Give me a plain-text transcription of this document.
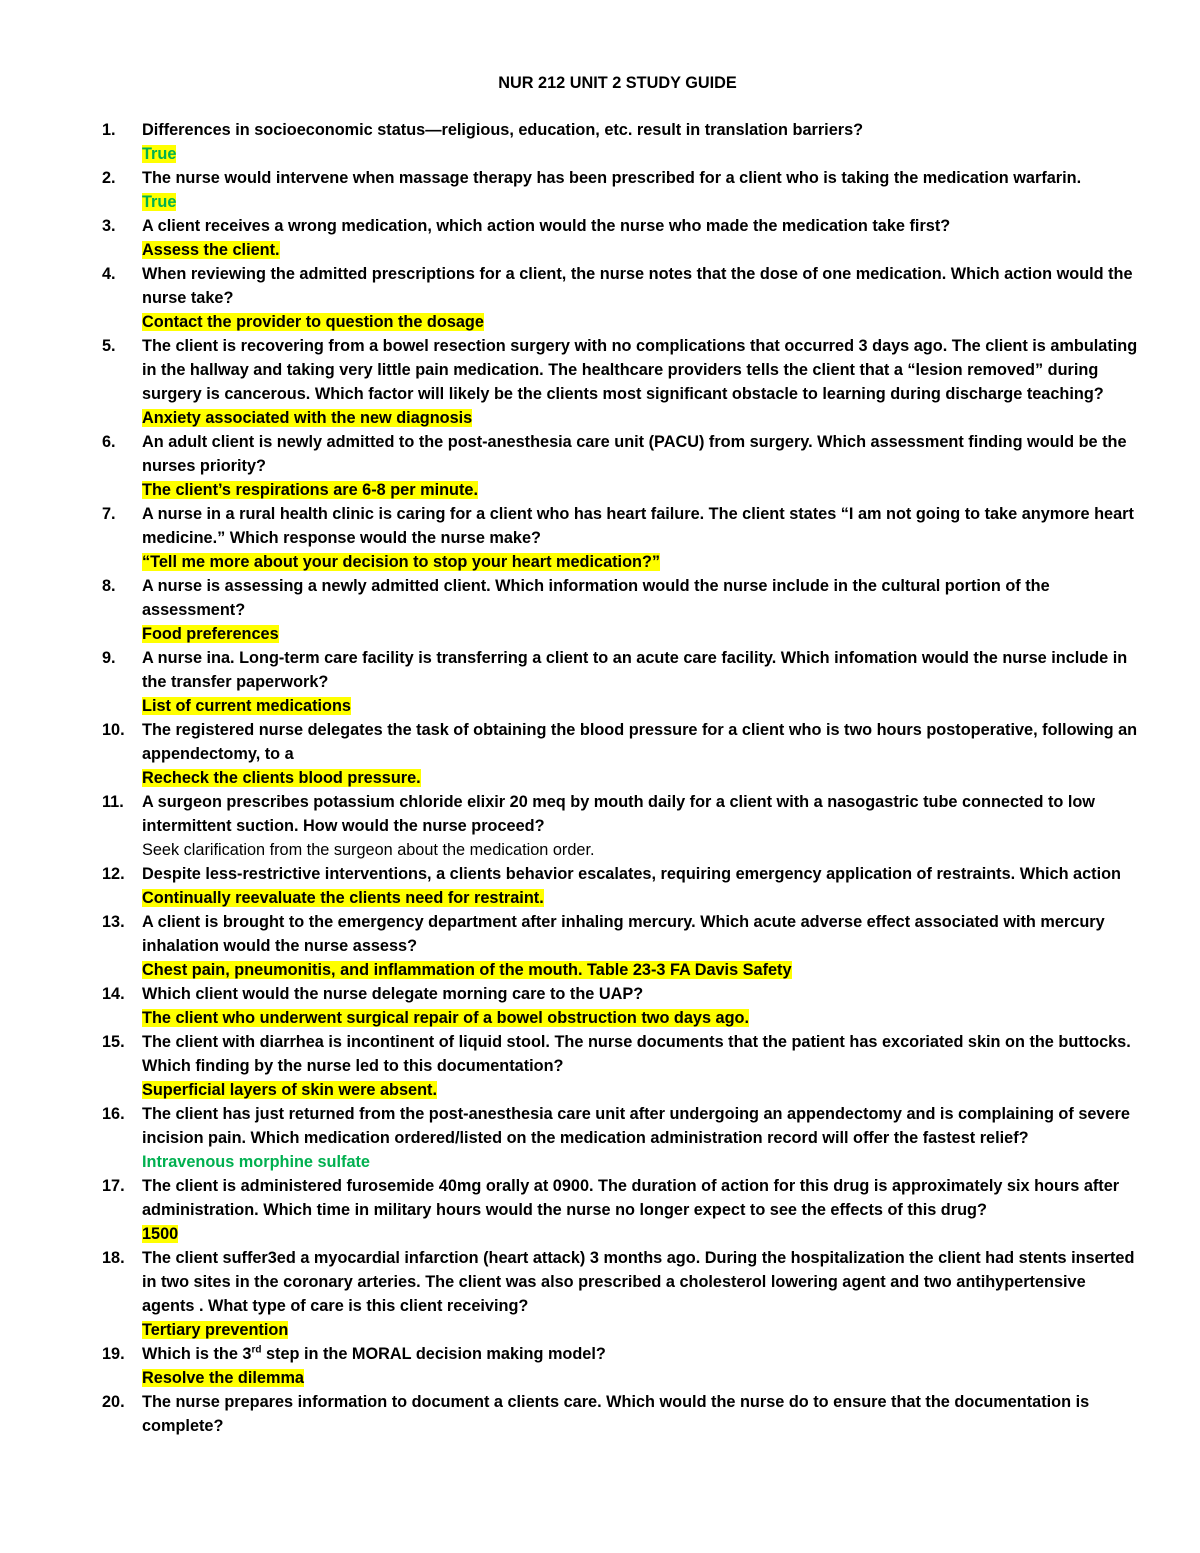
NUR 212 UNIT 2 STUDY GUIDE
1.	Differences in socioeconomic status—religious, education, etc. result in translation barriers?
True
2.	The nurse would intervene when massage therapy has been prescribed for a client who is taking the medication warfarin.
True
3.	A client receives a wrong medication, which action would the nurse who made the medication take first?
Assess the client.
4.	When reviewing the admitted prescriptions for a client, the nurse notes that the dose of one medication. Which action would the nurse take?
Contact the provider to question the dosage
5.	The client is recovering from a bowel resection surgery with no complications that occurred 3 days ago. The client is ambulating in the hallway and taking very little pain medication. The healthcare providers tells the client that a “lesion removed” during surgery is cancerous. Which factor will likely be the clients most significant obstacle to learning during discharge teaching?
Anxiety associated with the new diagnosis
6.	An adult client is newly admitted to the post-anesthesia care unit (PACU) from surgery. Which assessment finding would be the nurses priority?
The client’s respirations are 6-8 per minute.
7.	A nurse in a rural health clinic is caring for a client who has heart failure. The client states “I am not going to take anymore heart medicine.” Which response would the nurse make?
“Tell me more about your decision to stop your heart medication?”
8.	A nurse is assessing a newly admitted client. Which information would the nurse include in the cultural portion of the assessment?
Food preferences
9.	A nurse ina. Long-term care facility is transferring a client to an acute care facility. Which infomation would the nurse include in the transfer paperwork?
List of current medications
10.	The registered nurse delegates the task of obtaining the blood pressure for a client who is two hours postoperative, following an appendectomy, to a
Recheck the clients blood pressure.
11.	A surgeon prescribes potassium chloride elixir 20 meq by mouth daily for a client with a nasogastric tube connected to low intermittent suction. How would the nurse proceed?
Seek clarification from the surgeon about the medication order.
12.	Despite less-restrictive interventions, a clients behavior escalates, requiring emergency application of restraints. Which action
Continually reevaluate the clients need for restraint.
13.	A client is brought to the emergency department after inhaling mercury. Which acute adverse effect associated with mercury inhalation would the nurse assess?
Chest pain, pneumonitis, and inflammation of the mouth. Table 23-3 FA Davis Safety
14.	Which client would the nurse delegate morning care to the UAP?
The client who underwent surgical repair of a bowel obstruction two days ago.
15.	The client with diarrhea is incontinent of liquid stool. The nurse documents that the patient has excoriated skin on the buttocks. Which finding by the nurse led to this documentation?
Superficial layers of skin were absent.
16.	The client has just returned from the post-anesthesia care unit after undergoing an appendectomy and is complaining of severe incision pain. Which medication ordered/listed on the medication administration record will offer the fastest relief?
Intravenous morphine sulfate
17.	The client is administered furosemide 40mg orally at 0900. The duration of action for this drug is approximately six hours after administration. Which time in military hours would the nurse no longer expect to see the effects of this drug?
1500
18.	The client suffer3ed a myocardial infarction (heart attack) 3 months ago. During the hospitalization the client had stents inserted in two sites in the coronary arteries. The client was also prescribed a cholesterol lowering agent and two antihypertensive agents . What type of care is this client receiving?
Tertiary prevention
19.	Which is the 3rd step in the MORAL decision making model?
Resolve the dilemma
20.	The nurse prepares information to document a clients care. Which would the nurse do to ensure that the documentation is complete?
